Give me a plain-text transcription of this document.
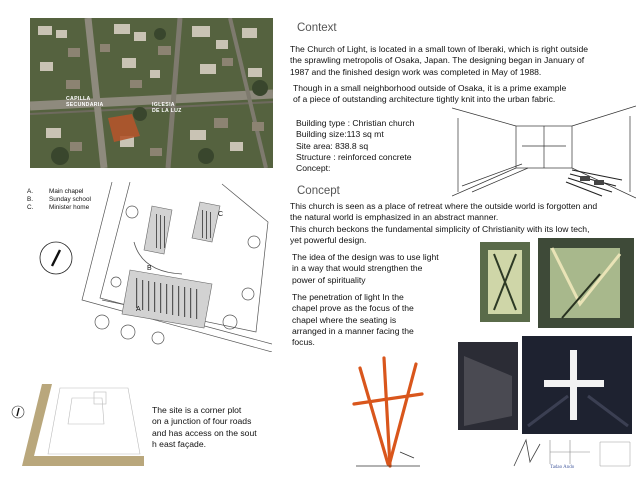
CAPILLA
SECUNDARIA	IGLESIA
DE LA LUZ
Context
The Church of Light, is located in a small town of Iberaki, which is right outside
the sprawling metropolis of Osaka, Japan. The designing began in January of
1987 and the finished design work was completed in May of 1988.
Though in a small neighborhood outside of Osaka, it is a prime example
of a piece of outstanding architecture tightly knit into the urban fabric.
Building type : Christian church
Building size:113 sq mt
Site area: 838.8 sq
Structure : reinforced concrete
Concept:
Concept
This church is seen as a place of retreat where the outside world is forgotten and
the natural world is emphasized in an abstract manner.
This church beckons the fundamental simplicity of Christianity with its low tech,
yet powerful design.
The idea of the design was to use light
in a way that would strengthen the
power of spirituality
The penetration of light In the
chapel prove as the focus of the
chapel where the seating is
arranged in a manner facing the
focus.
Tadao Ando
A.	Main chapel
B.	Sunday school
C.	Minister home
A
B
C
The site is a corner plot
on a junction of four roads
and has access on the sout
h east façade.
